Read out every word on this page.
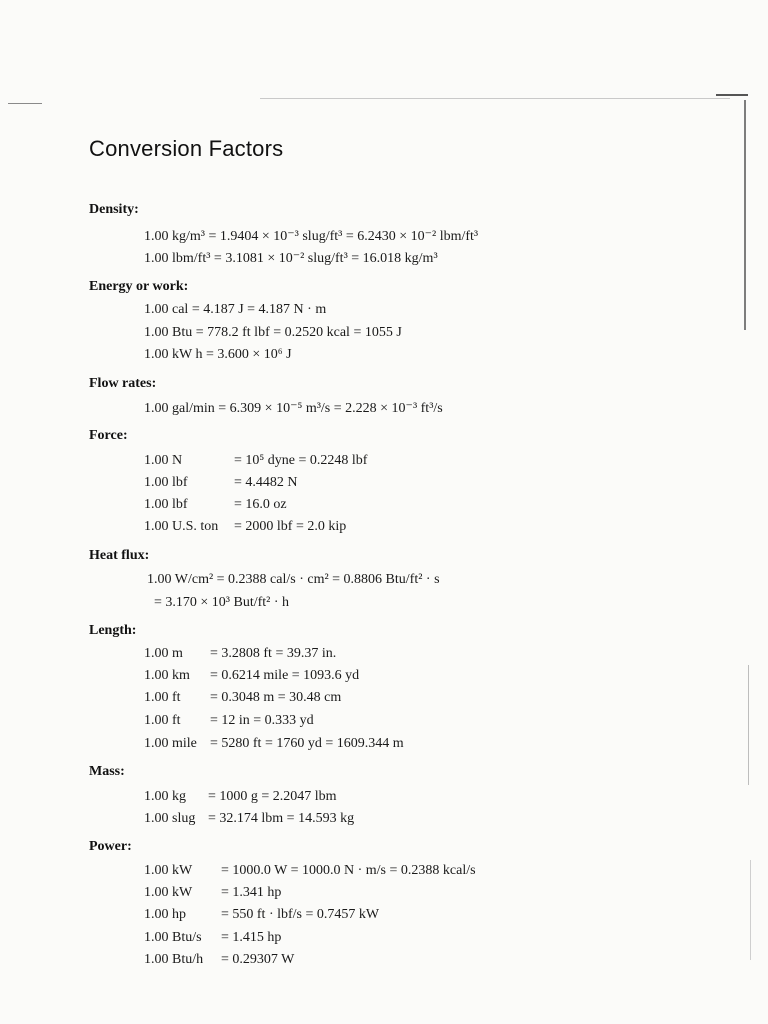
Conversion Factors
Density:
1.00 kg/m³ = 1.9404 × 10⁻³ slug/ft³ = 6.2430 × 10⁻² lbm/ft³
1.00 lbm/ft³ = 3.1081 × 10⁻² slug/ft³ = 16.018 kg/m³
Energy or work:
1.00 cal = 4.187 J = 4.187 N · m
1.00 Btu = 778.2 ft lbf = 0.2520 kcal = 1055 J
1.00 kW h = 3.600 × 10⁶ J
Flow rates:
1.00 gal/min = 6.309 × 10⁻⁵ m³/s = 2.228 × 10⁻³ ft³/s
Force:
1.00 N	= 10⁵ dyne = 0.2248 lbf
1.00 lbf	= 4.4482 N
1.00 lbf	= 16.0 oz
1.00 U.S. ton = 2000 lbf = 2.0 kip
Heat flux:
1.00 W/cm² = 0.2388 cal/s · cm² = 0.8806 Btu/ft² · s
= 3.170 × 10³ But/ft² · h
Length:
1.00 m = 3.2808 ft = 39.37 in.
1.00 km = 0.6214 mile = 1093.6 yd
1.00 ft = 0.3048 m = 30.48 cm
1.00 ft = 12 in = 0.333 yd
1.00 mile = 5280 ft = 1760 yd = 1609.344 m
Mass:
1.00 kg = 1000 g = 2.2047 lbm
1.00 slug = 32.174 lbm = 14.593 kg
Power:
1.00 kW = 1000.0 W = 1000.0 N · m/s = 0.2388 kcal/s
1.00 kW = 1.341 hp
1.00 hp	= 550 ft · lbf/s = 0.7457 kW
1.00 Btu/s = 1.415 hp
1.00 Btu/h = 0.29307 W
